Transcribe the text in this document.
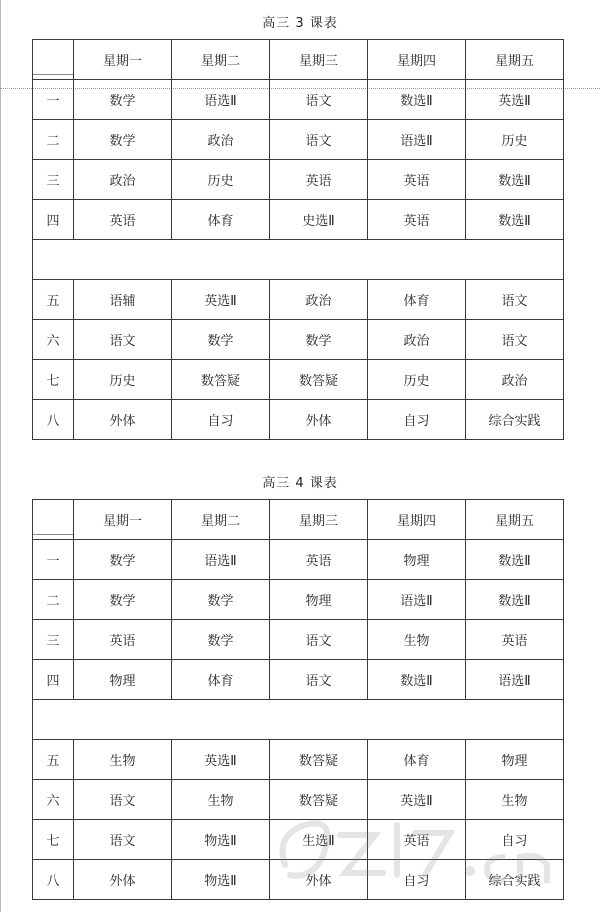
高三 3 课表
	星期一	星期二	星期三	星期四	星期五
一	数学	语选Ⅱ	语文	数选Ⅱ	英选Ⅱ
二	数学	政治	语文	语选Ⅱ	历史
三	政治	历史	英语	英语	数选Ⅱ
四	英语	体育	史选Ⅱ	英语	数选Ⅱ

五	语辅	英选Ⅱ	政治	体育	语文
六	语文	数学	数学	政治	语文
七	历史	数答疑	数答疑	历史	政治
八	外体	自习	外体	自习	综合实践
高三 4 课表
	星期一	星期二	星期三	星期四	星期五
一	数学	语选Ⅱ	英语	物理	数选Ⅱ
二	数学	数学	物理	语选Ⅱ	数选Ⅱ
三	英语	数学	语文	生物	英语
四	物理	体育	语文	数选Ⅱ	语选Ⅱ

五	生物	英选Ⅱ	数答疑	体育	物理
六	语文	生物	数答疑	英选Ⅱ	生物
七	语文	物选Ⅱ	生选Ⅱ	英语	自习
八	外体	物选Ⅱ	外体	自习	综合实践
